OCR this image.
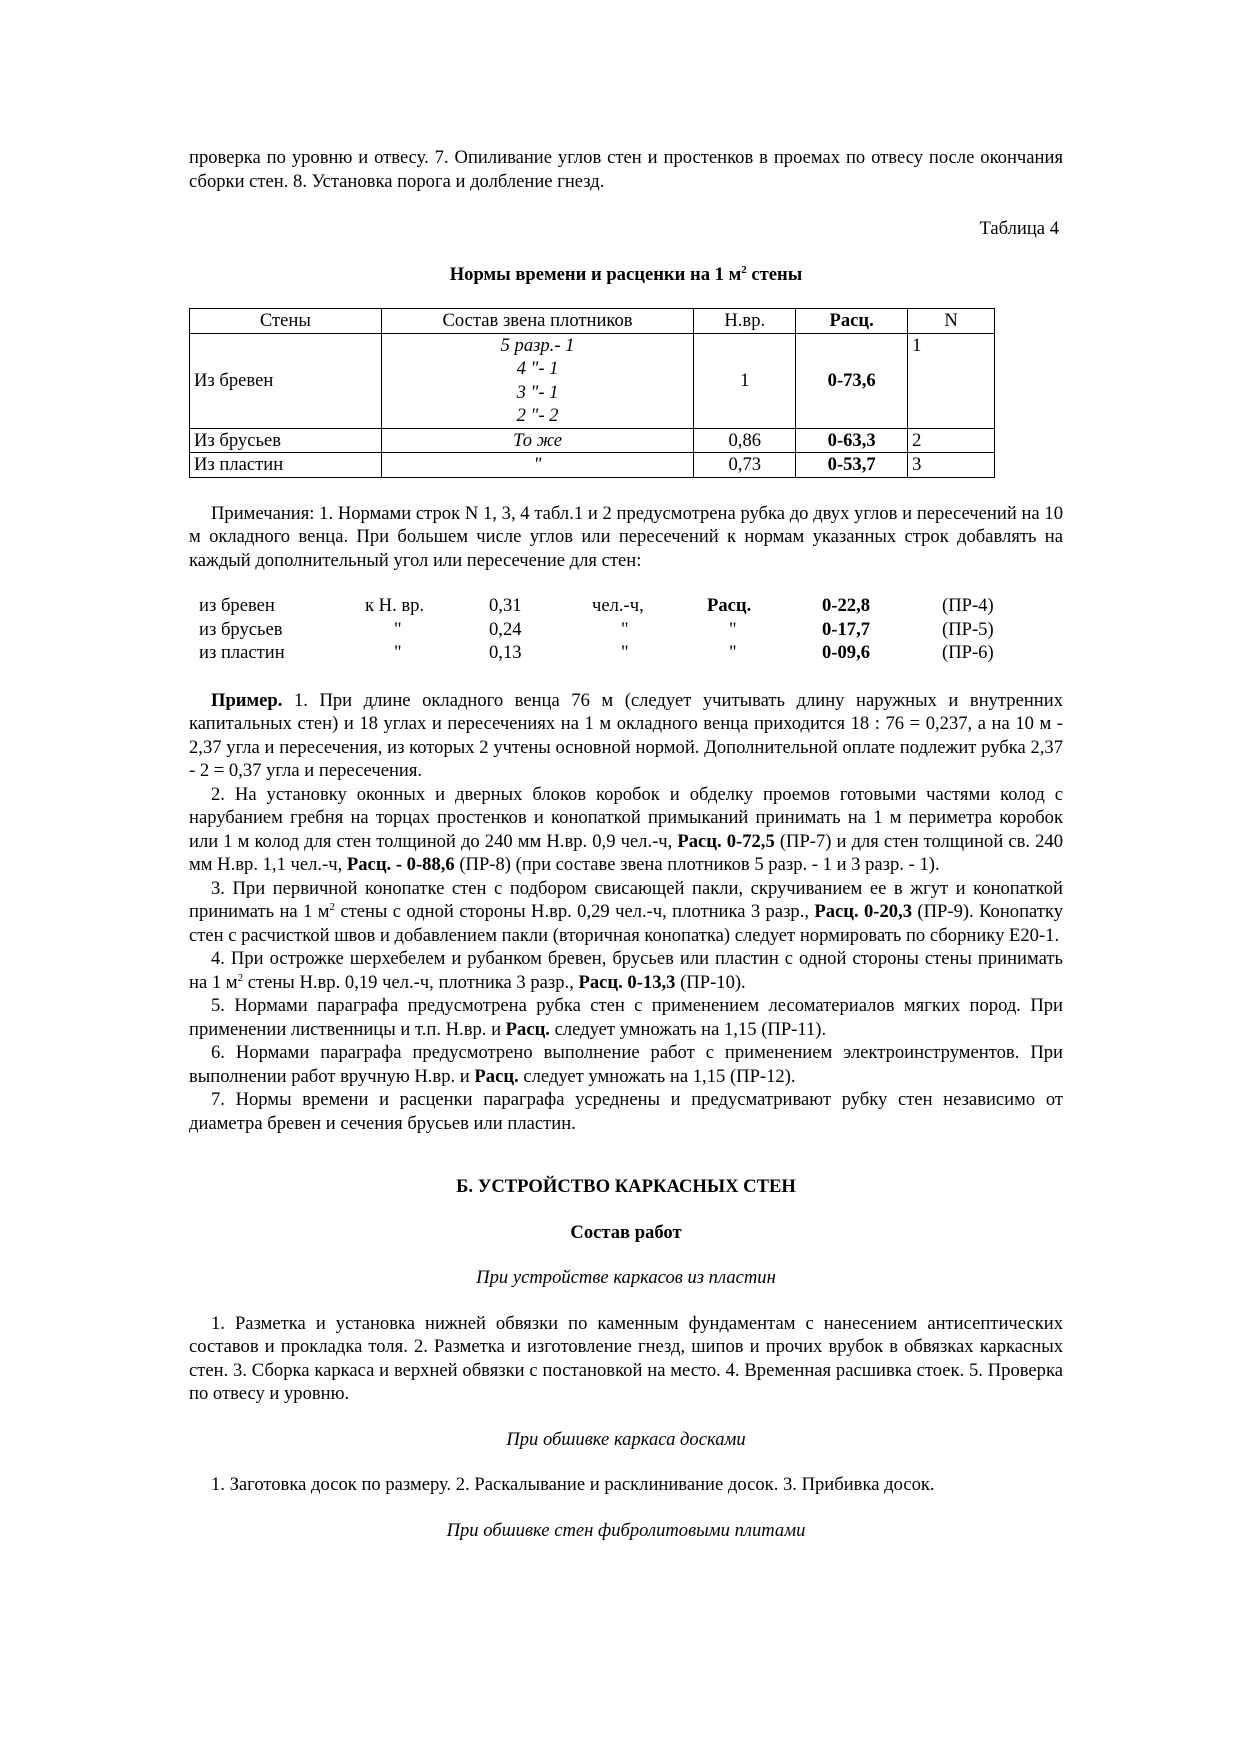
проверка по уровню и отвесу. 7. Опиливание углов стен и простенков в проемах по отвесу после окончания сборки стен. 8. Установка порога и долбление гнезд.

Таблица 4

Нормы времени и расценки на 1 $м^2$ стены

Стены	Состав звена плотников	Н.вр.	Расц.	N
Из бревен	5 разр.- 1
4 "- 1
3 "- 1
2 "- 2	1	0-73,6	1
Из брусьев	То же	0,86	0-63,3	2
Из пластин	"	0,73	0-53,7	3

Примечания: 1. Нормами строк N 1, 3, 4 табл.1 и 2 предусмотрена рубка до двух углов и пересечений на 10 м окладного венца. При большем числе углов или пересечений к нормам указанных строк добавлять на каждый дополнительный угол или пересечение для стен:

из бревен	к Н. вр.	0,31	чел.-ч,	Расц.	0-22,8	(ПР-4)
из брусьев	"	0,24	"	"	0-17,7	(ПР-5)
из пластин	"	0,13	"	"	0-09,6	(ПР-6)

Пример. 1. При длине окладного венца 76 м (следует учитывать длину наружных и внутренних капитальных стен) и 18 углах и пересечениях на 1 м окладного венца приходится 18 : 76 = 0,237, а на 10 м - 2,37 угла и пересечения, из которых 2 учтены основной нормой. Дополнительной оплате подлежит рубка 2,37 - 2 = 0,37 угла и пересечения.

2. На установку оконных и дверных блоков коробок и обделку проемов готовыми частями колод с нарубанием гребня на торцах простенков и конопаткой примыканий принимать на 1 м периметра коробок или 1 м колод для стен толщиной до 240 мм Н.вр. 0,9 чел.-ч, Расц. 0-72,5 (ПР-7) и для стен толщиной св. 240 мм Н.вр. 1,1 чел.-ч, Расц. - 0-88,6 (ПР-8) (при составе звена плотников 5 разр. - 1 и 3 разр. - 1).

3. При первичной конопатке стен с подбором свисающей пакли, скручиванием ее в жгут и конопаткой принимать на 1 $м^2$ стены с одной стороны Н.вр. 0,29 чел.-ч, плотника 3 разр., Расц. 0-20,3 (ПР-9). Конопатку стен с расчисткой швов и добавлением пакли (вторичная конопатка) следует нормировать по сборнику Е20-1.

4. При острожке шерхебелем и рубанком бревен, брусьев или пластин с одной стороны стены принимать на 1 $м^2$ стены Н.вр. 0,19 чел.-ч, плотника 3 разр., Расц. 0-13,3 (ПР-10).

5. Нормами параграфа предусмотрена рубка стен с применением лесоматериалов мягких пород. При применении лиственницы и т.п. Н.вр. и Расц. следует умножать на 1,15 (ПР-11).

6. Нормами параграфа предусмотрено выполнение работ с применением электроинструментов. При выполнении работ вручную Н.вр. и Расц. следует умножать на 1,15 (ПР-12).

7. Нормы времени и расценки параграфа усреднены и предусматривают рубку стен независимо от диаметра бревен и сечения брусьев или пластин.

Б. УСТРОЙСТВО КАРКАСНЫХ СТЕН

Состав работ

При устройстве каркасов из пластин

1. Разметка и установка нижней обвязки по каменным фундаментам с нанесением антисептических составов и прокладка толя. 2. Разметка и изготовление гнезд, шипов и прочих врубок в обвязках каркасных стен. 3. Сборка каркаса и верхней обвязки с постановкой на место. 4. Временная расшивка стоек. 5. Проверка по отвесу и уровню.

При обшивке каркаса досками

1. Заготовка досок по размеру. 2. Раскалывание и расклинивание досок. 3. Прибивка досок.

При обшивке стен фибролитовыми плитами
